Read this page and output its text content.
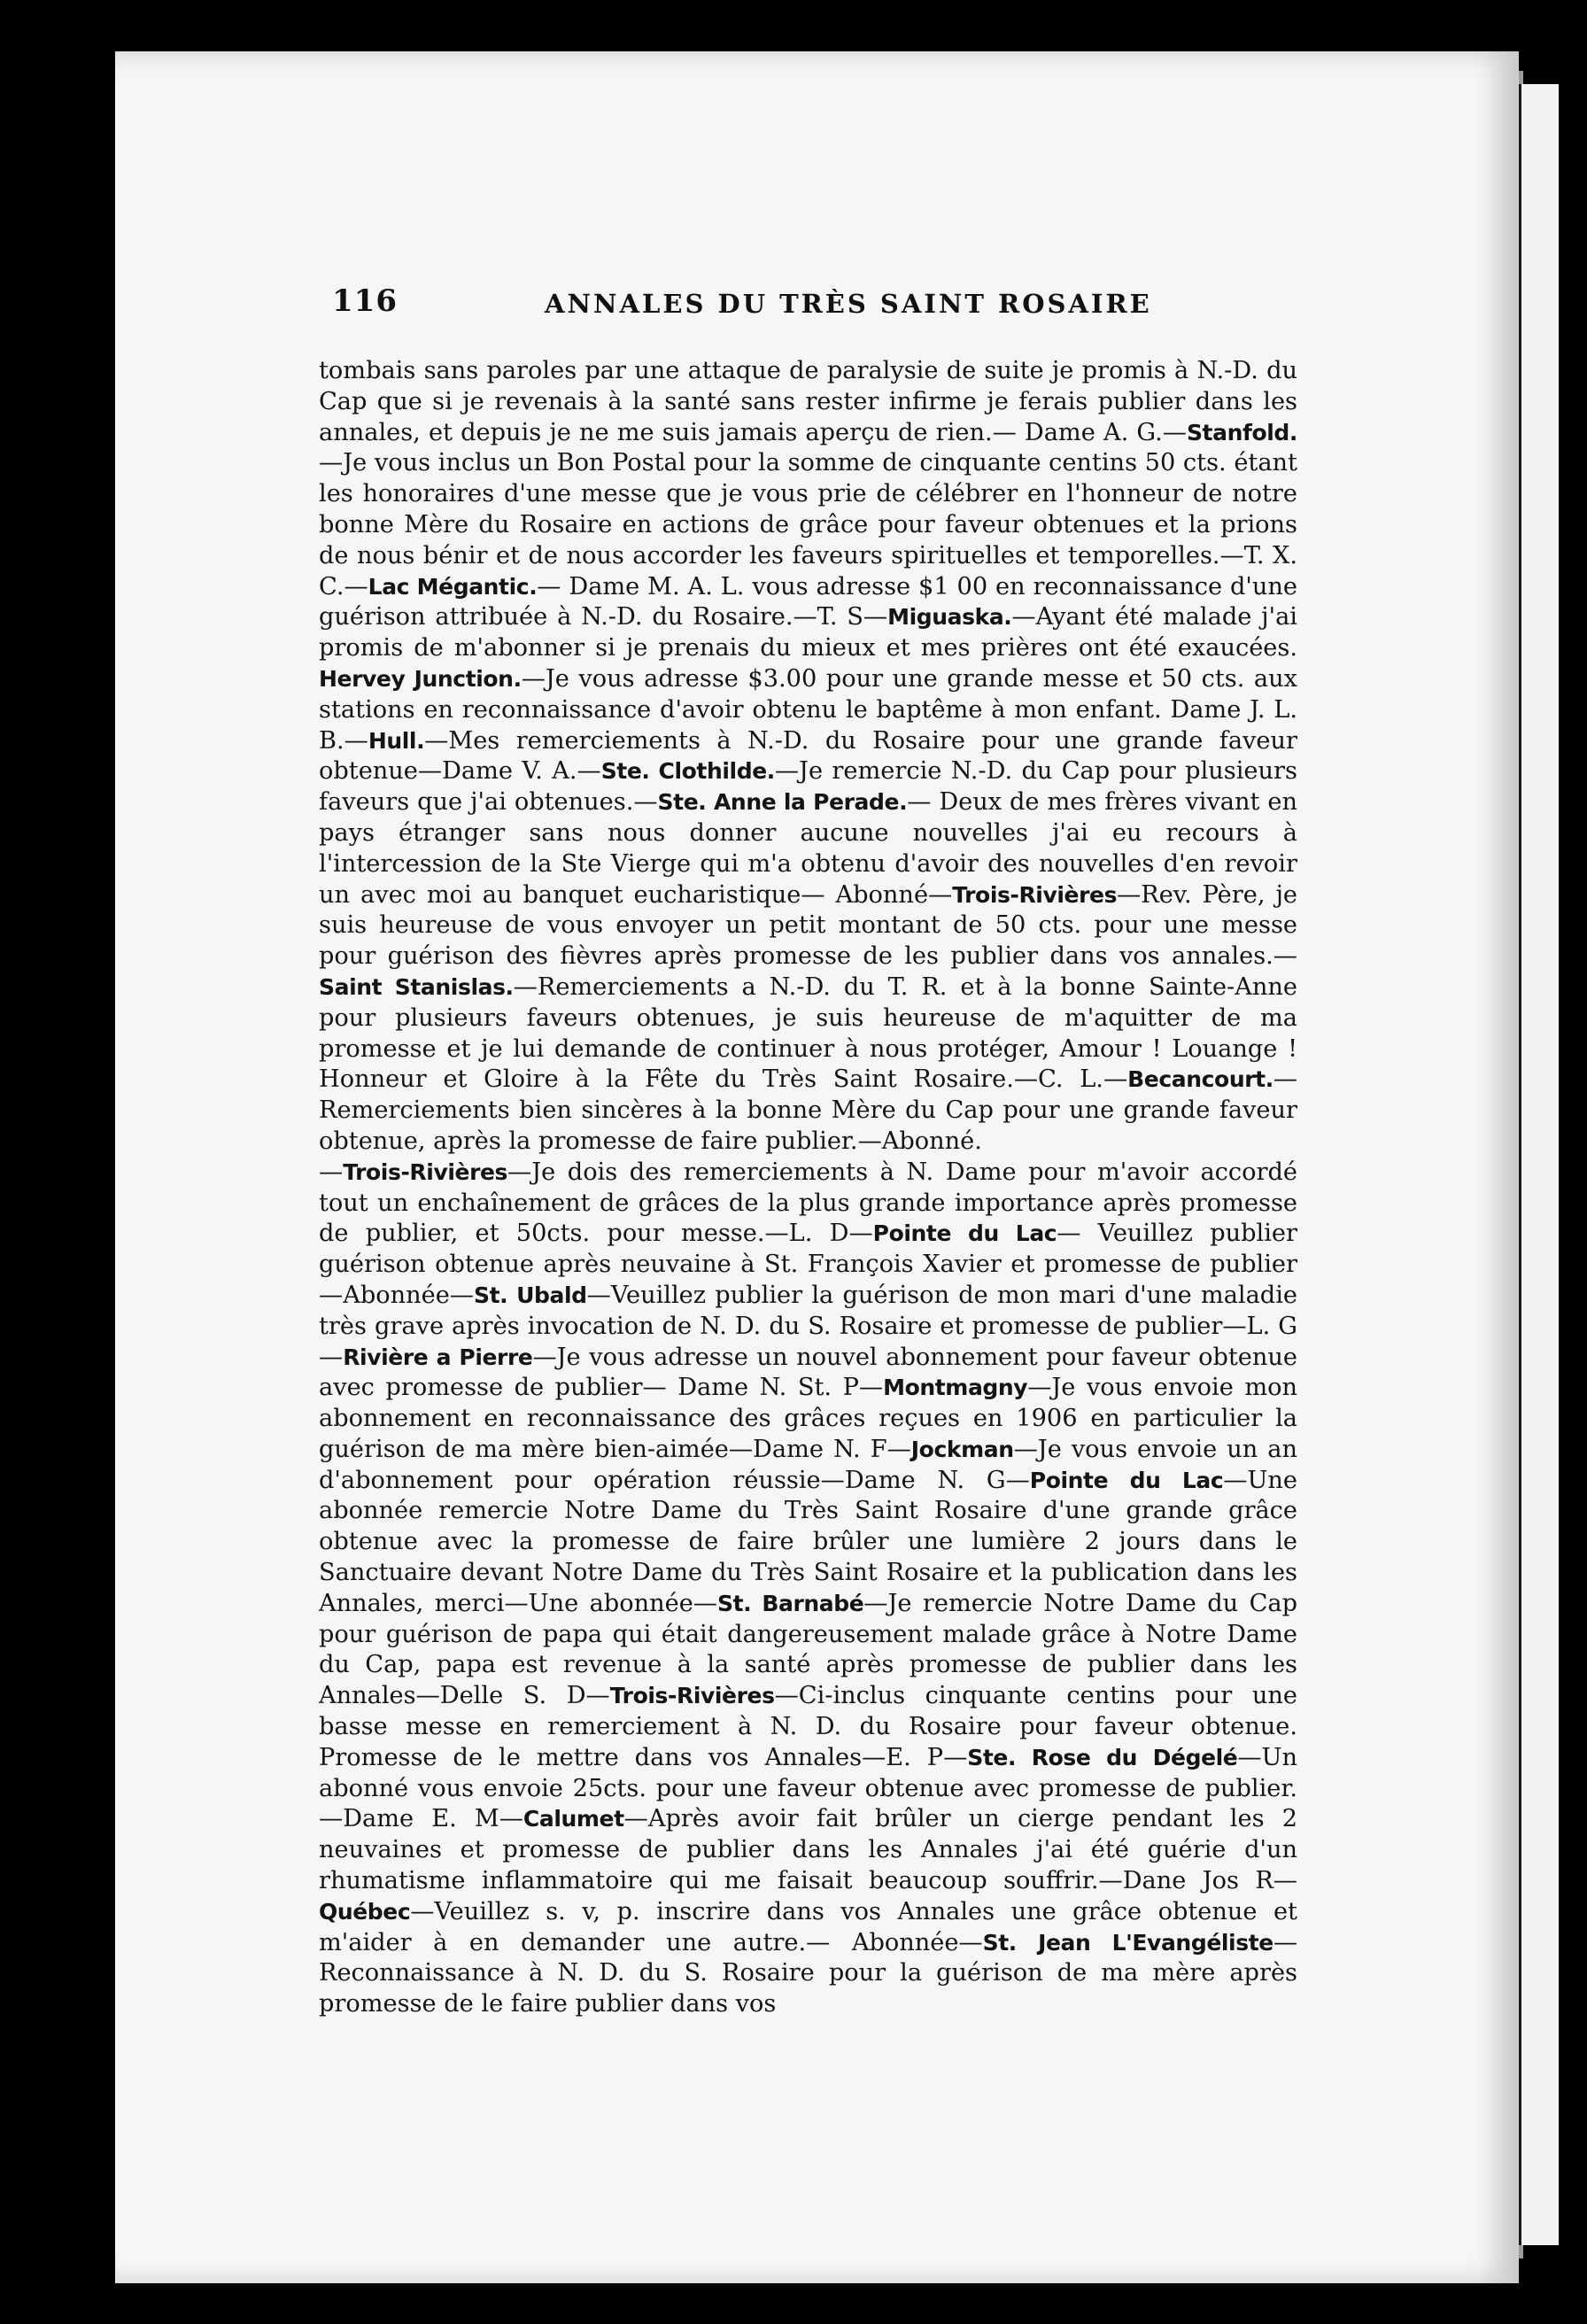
116	ANNALES DU TRÈS SAINT ROSAIRE

tombais sans paroles par une attaque de paralysie de suite je promis à N.-D. du Cap que si je revenais à la santé sans rester infirme je ferais publier dans les annales, et depuis je ne me suis jamais aperçu de rien.— Dame A. G.—Stanfold.—Je vous inclus un Bon Postal pour la somme de cinquante centins 50 cts. étant les honoraires d'une messe que je vous prie de célébrer en l'honneur de notre bonne Mère du Rosaire en actions de grâce pour faveur obtenues et la prions de nous bénir et de nous accorder les faveurs spirituelles et temporelles.—T. X. C.—Lac Mégantic.— Dame M. A. L. vous adresse $1 00 en reconnaissance d'une guérison attribuée à N.-D. du Rosaire.—T. S—Miguaska.—Ayant été malade j'ai promis de m'abonner si je prenais du mieux et mes prières ont été exaucées. Hervey Junction.—Je vous adresse $3.00 pour une grande messe et 50 cts. aux stations en reconnaissance d'avoir obtenu le baptême à mon enfant. Dame J. L. B.—Hull.—Mes remerciements à N.-D. du Rosaire pour une grande faveur obtenue—Dame V. A.—Ste. Clothilde.—Je remercie N.-D. du Cap pour plusieurs faveurs que j'ai obtenues.—Ste. Anne la Perade.— Deux de mes frères vivant en pays étranger sans nous donner aucune nouvelles j'ai eu recours à l'intercession de la Ste Vierge qui m'a obtenu d'avoir des nouvelles d'en revoir un avec moi au banquet eucharistique— Abonné—Trois-Rivières—Rev. Père, je suis heureuse de vous envoyer un petit montant de 50 cts. pour une messe pour guérison des fièvres après promesse de les publier dans vos annales.—Saint Stanislas.—Remerciements a N.-D. du T. R. et à la bonne Sainte-Anne pour plusieurs faveurs obtenues, je suis heureuse de m'aquitter de ma promesse et je lui demande de continuer à nous protéger, Amour ! Louange ! Honneur et Gloire à la Fête du Très Saint Rosaire.—C. L.—Becancourt.—Remerciements bien sincères à la bonne Mère du Cap pour une grande faveur obtenue, après la promesse de faire publier.—Abonné.

—Trois-Rivières—Je dois des remerciements à N. Dame pour m'avoir accordé tout un enchaînement de grâces de la plus grande importance après promesse de publier, et 50cts. pour messe.—L. D—Pointe du Lac— Veuillez publier guérison obtenue après neuvaine à St. François Xavier et promesse de publier—Abonnée—St. Ubald—Veuillez publier la guérison de mon mari d'une maladie très grave après invocation de N. D. du S. Rosaire et promesse de publier—L. G—Rivière a Pierre—Je vous adresse un nouvel abonnement pour faveur obtenue avec promesse de publier— Dame N. St. P—Montmagny—Je vous envoie mon abonnement en reconnaissance des grâces reçues en 1906 en particulier la guérison de ma mère bien-aimée—Dame N. F—Jockman—Je vous envoie un an d'abonnement pour opération réussie—Dame N. G—Pointe du Lac—Une abonnée remercie Notre Dame du Très Saint Rosaire d'une grande grâce obtenue avec la promesse de faire brûler une lumière 2 jours dans le Sanctuaire devant Notre Dame du Très Saint Rosaire et la publication dans les Annales, merci—Une abonnée—St. Barnabé—Je remercie Notre Dame du Cap pour guérison de papa qui était dangereusement malade grâce à Notre Dame du Cap, papa est revenue à la santé après promesse de publier dans les Annales—Delle S. D—Trois-Rivières—Ci-inclus cinquante centins pour une basse messe en remerciement à N. D. du Rosaire pour faveur obtenue. Promesse de le mettre dans vos Annales—E. P—Ste. Rose du Dégelé—Un abonné vous envoie 25cts. pour une faveur obtenue avec promesse de publier.—Dame E. M—Calumet—Après avoir fait brûler un cierge pendant les 2 neuvaines et promesse de publier dans les Annales j'ai été guérie d'un rhumatisme inflammatoire qui me faisait beaucoup souffrir.—Dane Jos R—Québec—Veuillez s. v, p. inscrire dans vos Annales une grâce obtenue et m'aider à en demander une autre.— Abonnée—St. Jean L'Evangéliste—Reconnaissance à N. D. du S. Rosaire pour la guérison de ma mère après promesse de le faire publier dans vos
